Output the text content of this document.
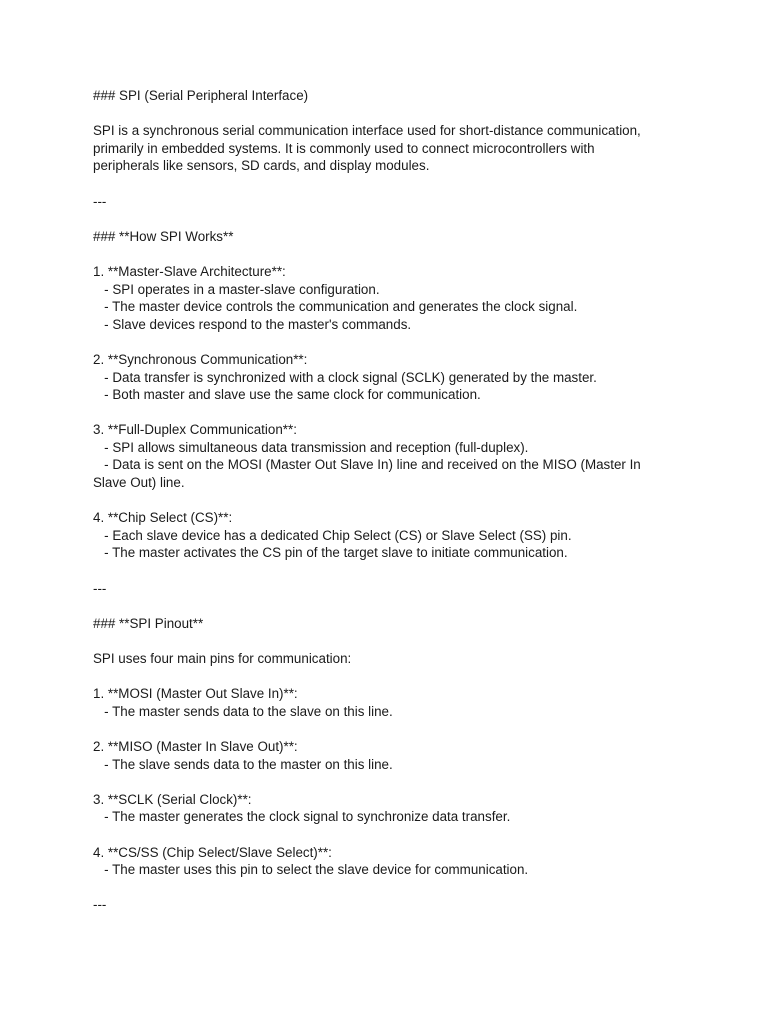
### SPI (Serial Peripheral Interface)
SPI is a synchronous serial communication interface used for short-distance communication,
primarily in embedded systems. It is commonly used to connect microcontrollers with
peripherals like sensors, SD cards, and display modules.
---
### **How SPI Works**
1. **Master-Slave Architecture**:
- SPI operates in a master-slave configuration.
- The master device controls the communication and generates the clock signal.
- Slave devices respond to the master's commands.
2. **Synchronous Communication**:
- Data transfer is synchronized with a clock signal (SCLK) generated by the master.
- Both master and slave use the same clock for communication.
3. **Full-Duplex Communication**:
- SPI allows simultaneous data transmission and reception (full-duplex).
- Data is sent on the MOSI (Master Out Slave In) line and received on the MISO (Master In
Slave Out) line.
4. **Chip Select (CS)**:
- Each slave device has a dedicated Chip Select (CS) or Slave Select (SS) pin.
- The master activates the CS pin of the target slave to initiate communication.
---
### **SPI Pinout**
SPI uses four main pins for communication:
1. **MOSI (Master Out Slave In)**:
- The master sends data to the slave on this line.
2. **MISO (Master In Slave Out)**:
- The slave sends data to the master on this line.
3. **SCLK (Serial Clock)**:
- The master generates the clock signal to synchronize data transfer.
4. **CS/SS (Chip Select/Slave Select)**:
- The master uses this pin to select the slave device for communication.
---
